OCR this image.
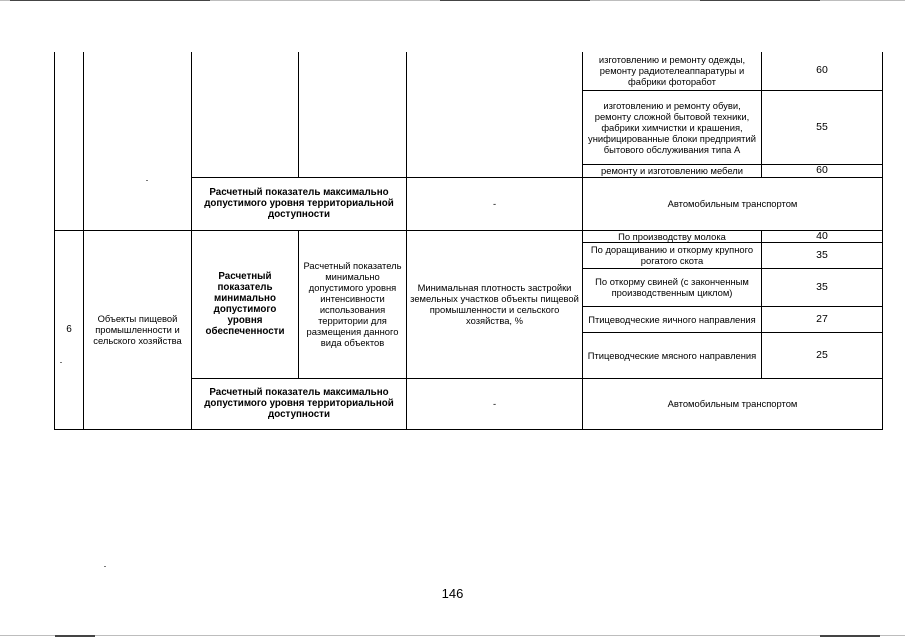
					изготовлению и ремонту одежды, ремонту радиотелеаппаратуры и фабрики фоторабот	60
					изготовлению и ремонту обуви, ремонту сложной бытовой техники, фабрики химчистки и крашения, унифицированные блоки предприятий бытового обслуживания типа А	55
					ремонту и изготовлению мебели	60
		Расчетный показатель максимально допустимого уровня территориальной доступности		-	Автомобильным транспортом	
6	Объекты пищевой промышленности и сельского хозяйства	Расчетный показатель минимально допустимого уровня обеспеченности	Расчетный показатель минимально допустимого уровня интенсивности использования территории для размещения данного вида объектов	Минимальная плотность застройки земельных участков объекты пищевой промышленности и сельского хозяйства, %	По производству молока	40
					По доращиванию и откорму крупного рогатого скота	35
					По откорму свиней (с законченным производственным циклом)	35
					Птицеводческие яичного направления	27
					Птицеводческие мясного направления	25
		Расчетный показатель максимально допустимого уровня территориальной доступности		-	Автомобильным транспортом	
146
